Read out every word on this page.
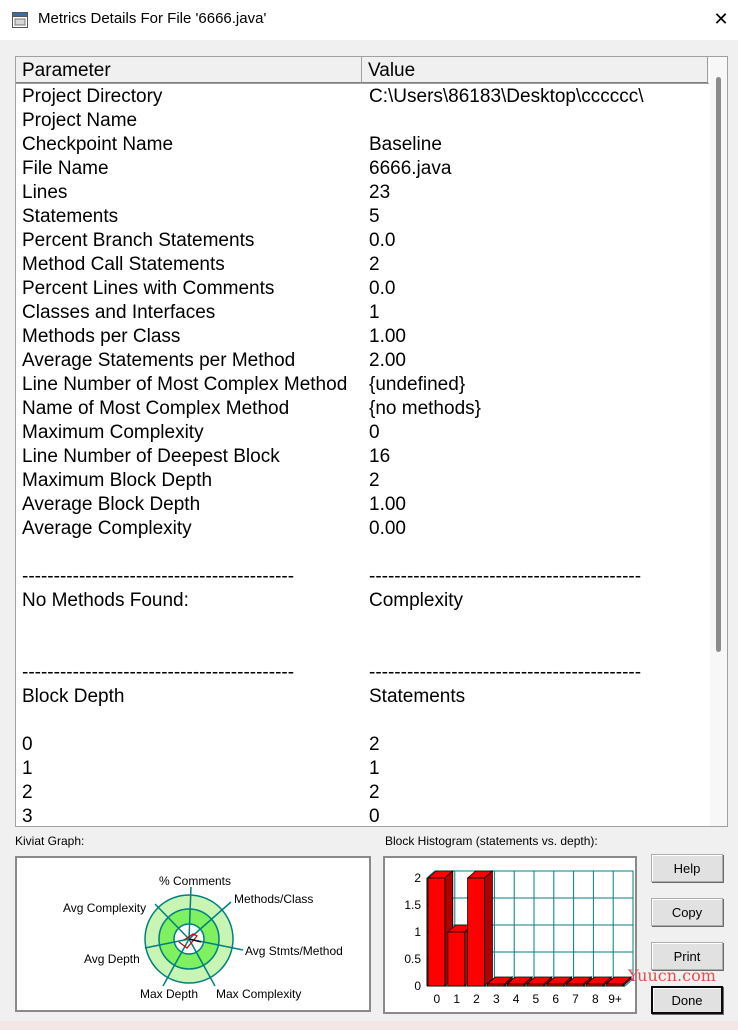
Metrics Details For File '6666.java'	✕
Parameter	Value
Project Directory	C:\Users\86183\Desktop\cccccc\
Project Name
Checkpoint Name	Baseline
File Name	6666.java
Lines	23
Statements	5
Percent Branch Statements	0.0
Method Call Statements	2
Percent Lines with Comments	0.0
Classes and Interfaces	1
Methods per Class	1.00
Average Statements per Method	2.00
Line Number of Most Complex Method {undefined}
Name of Most Complex Method	{no methods}
Maximum Complexity	0
Line Number of Deepest Block	16
Maximum Block Depth	2
Average Block Depth	1.00
Average Complexity	0.00
-------------------------------------------	-------------------------------------------
No Methods Found:	Complexity
-------------------------------------------	-------------------------------------------
Block Depth	Statements
0	2
1	1
2	2
3	0
Kiviat Graph:
% Comments
Methods/Class
Avg Stmts/Method
Max Complexity
Max Depth
Avg Depth
Avg Complexity
Block Histogram (statements vs. depth):
0
0.5
1
1.5
2
0 1 2 3 4 5 6 7 8 9+
Help
Copy
Print
Done
Yuucn.com
